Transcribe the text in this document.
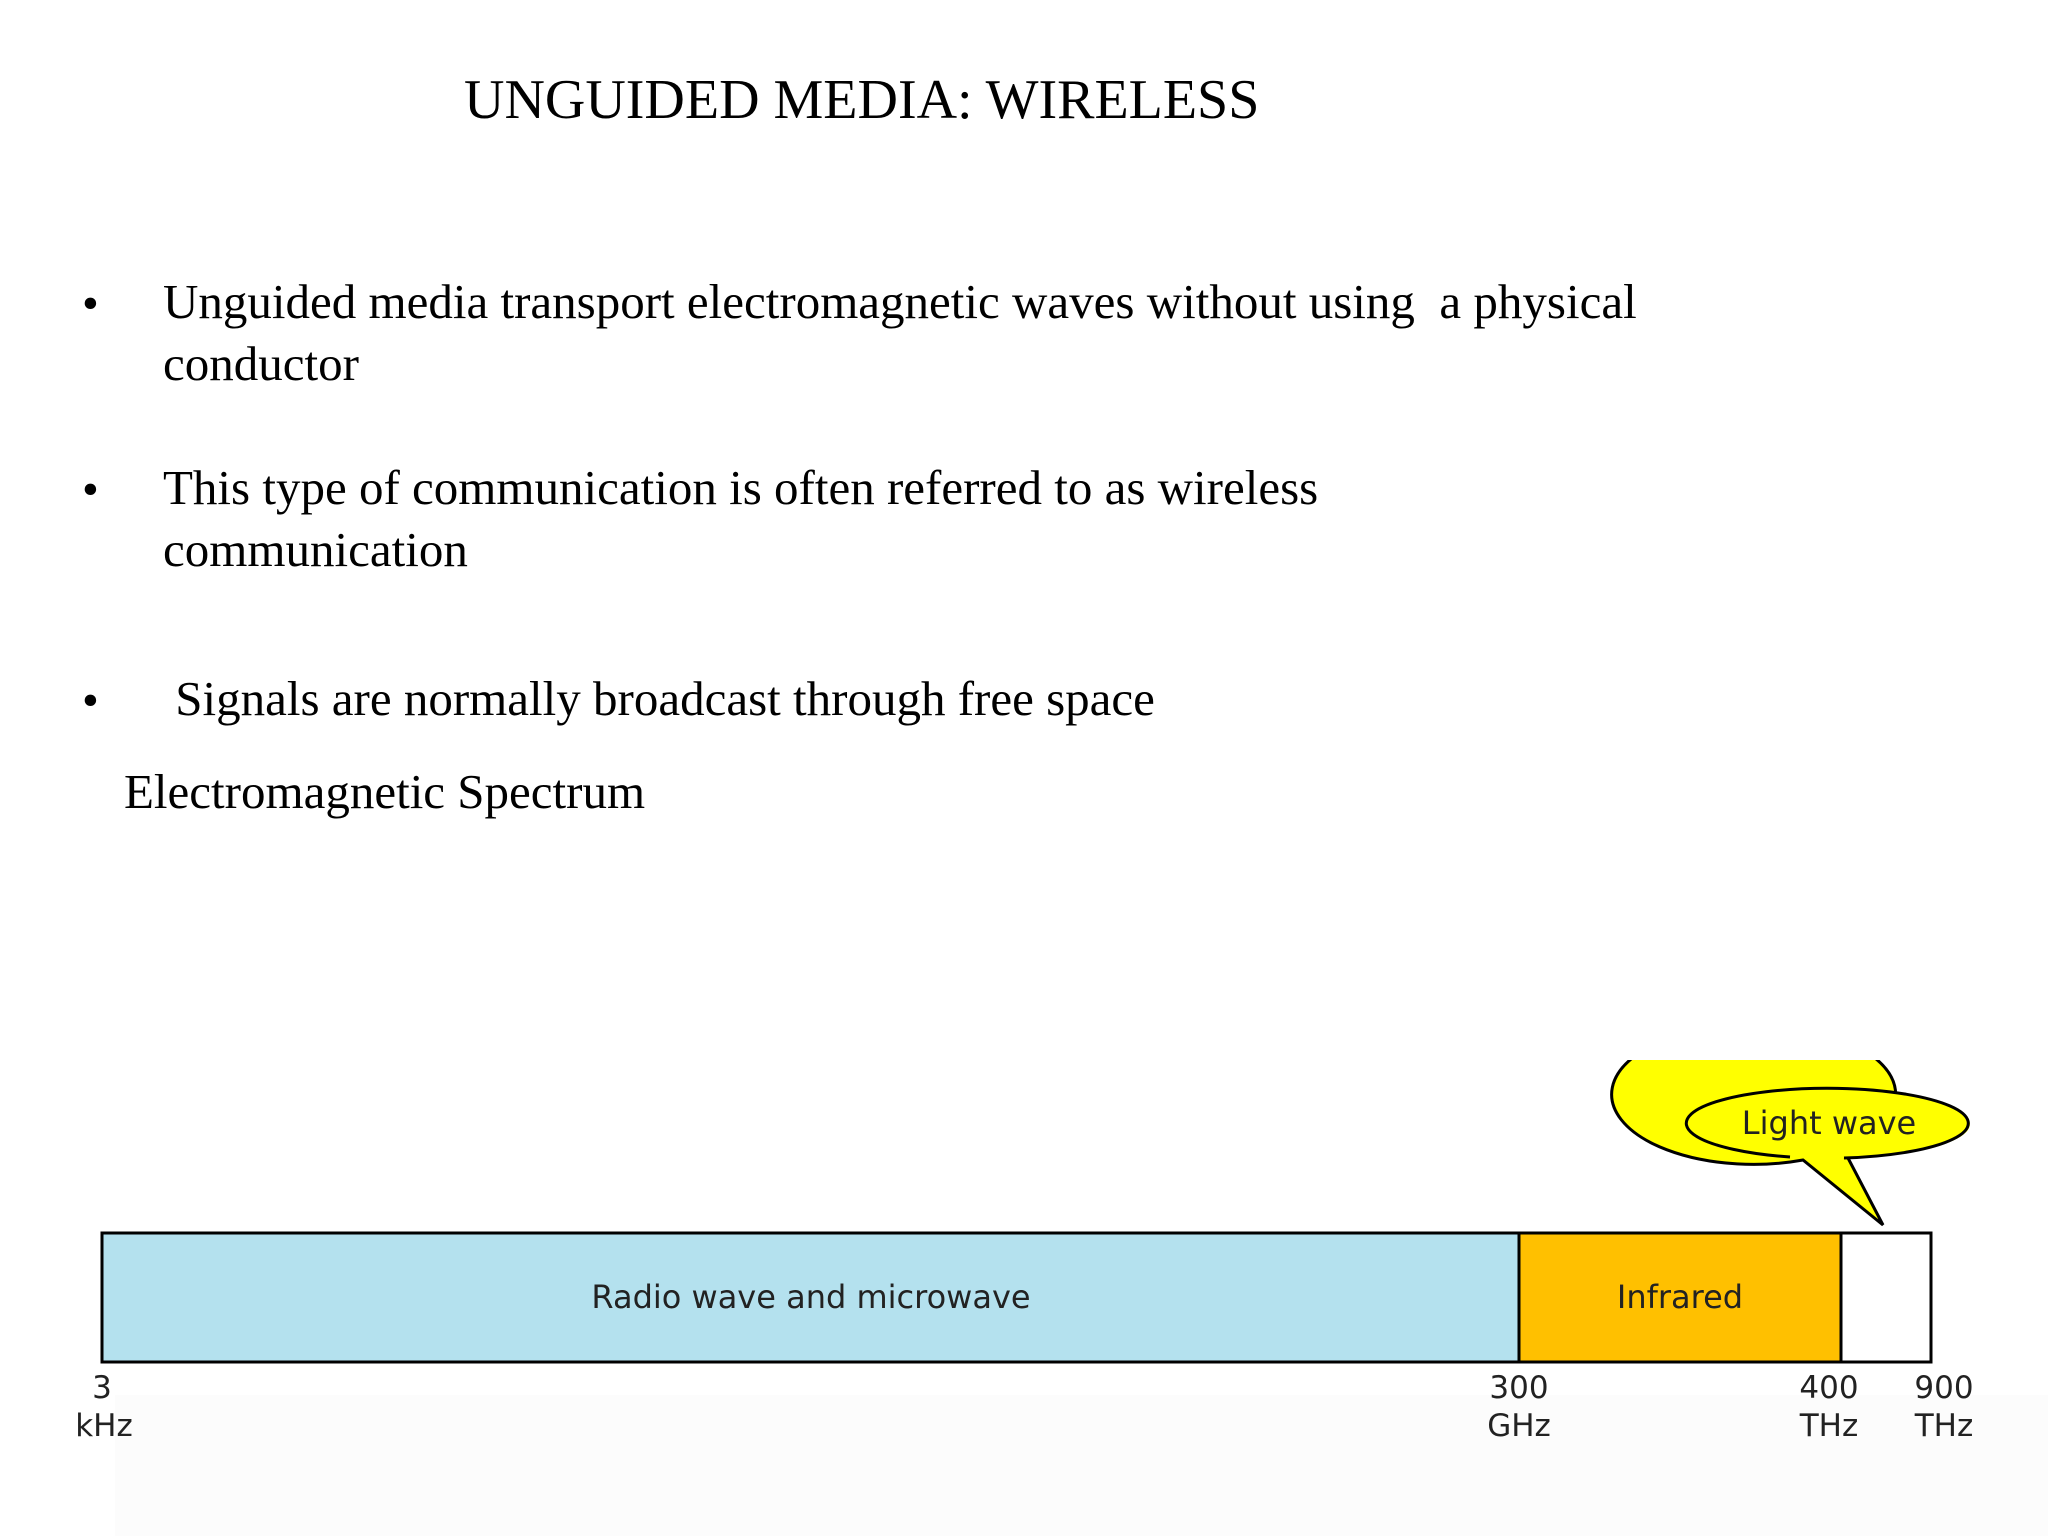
UNGUIDED MEDIA: WIRELESS
• Unguided media transport electromagnetic waves without using  a physical
conductor
• This type of communication is often referred to as wireless
communication
• Signals are normally broadcast through free space
Electromagnetic Spectrum
Light wave
Radio wave and microwave	Infrared
3
kHz
300
GHz
400
THz
900
THz
